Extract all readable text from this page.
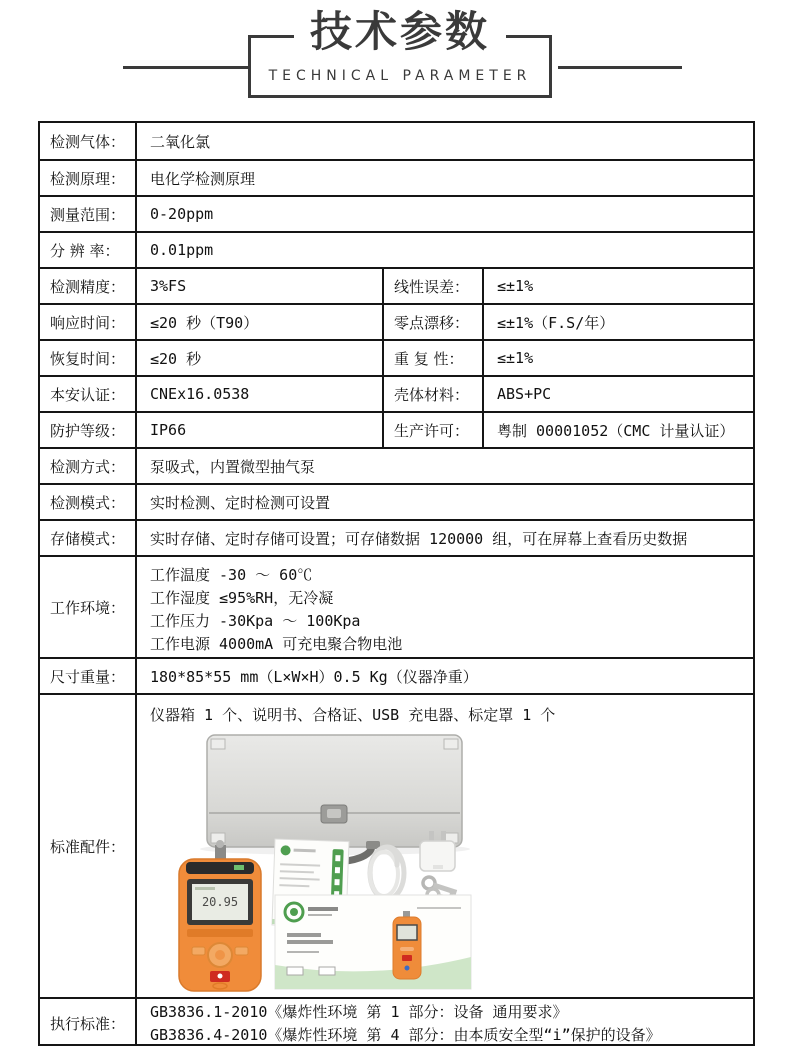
技术参数
TECHNICAL PARAMETER
检测气体：	二氧化氯
检测原理：	电化学检测原理
测量范围：	0-20ppm
分 辨 率：	0.01ppm
检测精度：	3%FS	线性误差：	≤±1%
响应时间：	≤20 秒（T90）	零点漂移：	≤±1%（F.S/年）
恢复时间：	≤20 秒	重 复 性：	≤±1%
本安认证：	CNEx16.0538	壳体材料：	ABS+PC
防护等级：	IP66	生产许可：	粤制 00001052（CMC 计量认证）
检测方式：	泵吸式，内置微型抽气泵
检测模式：	实时检测、定时检测可设置
存储模式：	实时存储、定时存储可设置；可存储数据 120000 组，可在屏幕上查看历史数据
工作环境：
工作温度 -30 ～ 60℃
工作湿度 ≤95%RH，无冷凝
工作压力 -30Kpa ～ 100Kpa
工作电源 4000mA 可充电聚合物电池
尺寸重量：	180*85*55 mm（L×W×H）0.5 Kg（仪器净重）
标准配件：
仪器箱 1 个、说明书、合格证、USB 充电器、标定罩 1 个
20.95
执行标准：
GB3836.1-2010《爆炸性环境 第 1 部分：设备 通用要求》
GB3836.4-2010《爆炸性环境 第 4 部分：由本质安全型“i”保护的设备》
